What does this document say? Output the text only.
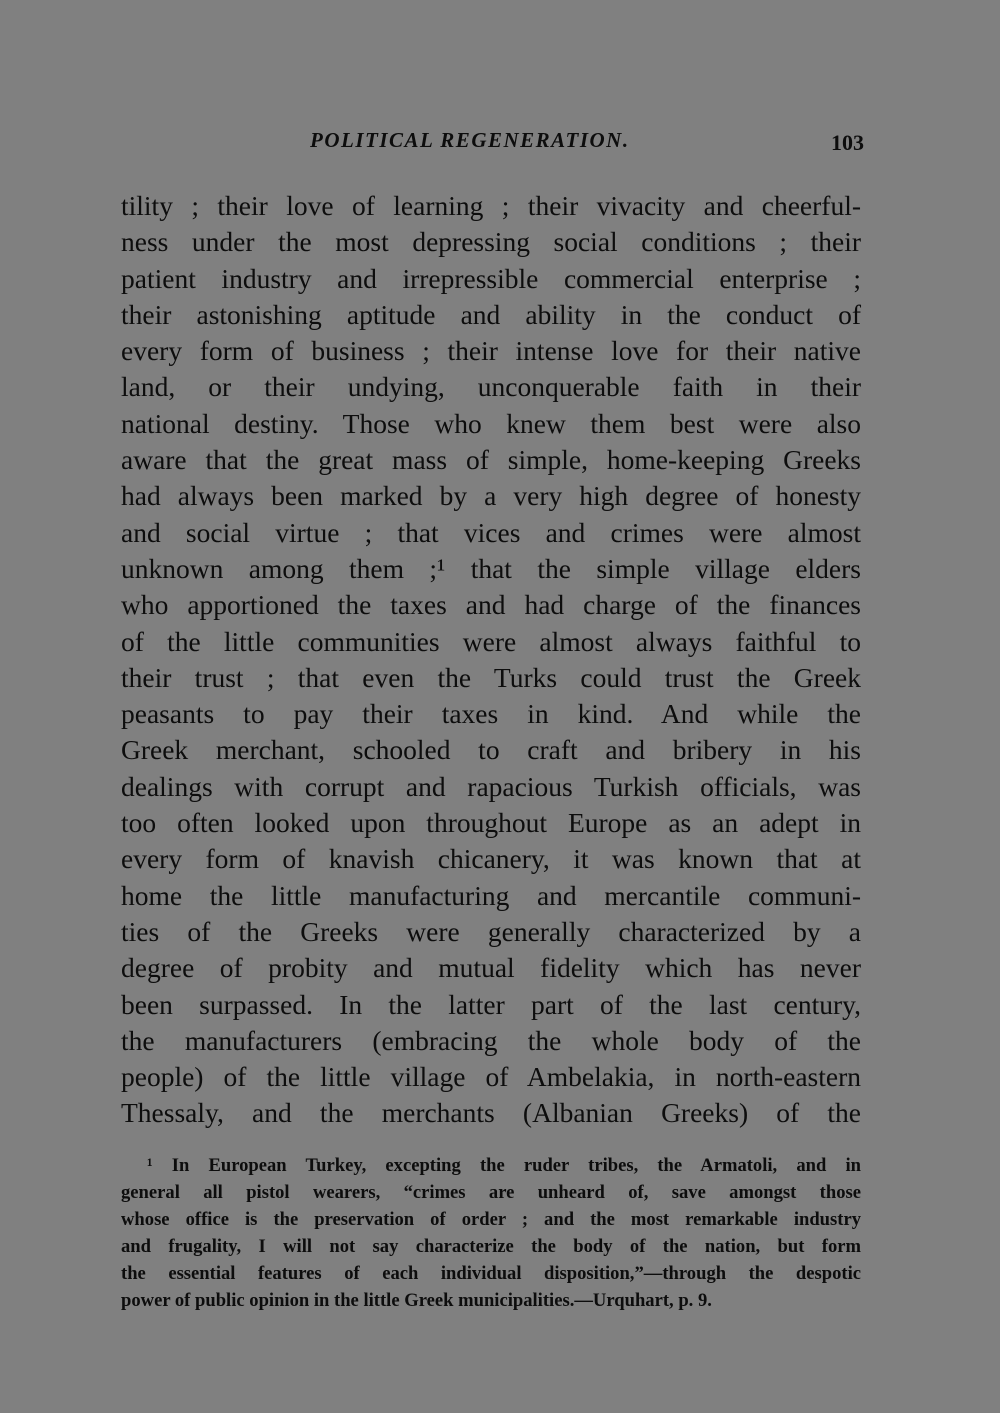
POLITICAL REGENERATION.	103
tility ; their love of learning ; their vivacity and cheerful-
ness under the most depressing social conditions ; their
patient industry and irrepressible commercial enterprise ;
their astonishing aptitude and ability in the conduct of
every form of business ; their intense love for their native
land, or their undying, unconquerable faith in their
national destiny. Those who knew them best were also
aware that the great mass of simple, home-keeping Greeks
had always been marked by a very high degree of honesty
and social virtue ; that vices and crimes were almost
unknown among them ;¹ that the simple village elders
who apportioned the taxes and had charge of the finances
of the little communities were almost always faithful to
their trust ; that even the Turks could trust the Greek
peasants to pay their taxes in kind. And while the
Greek merchant, schooled to craft and bribery in his
dealings with corrupt and rapacious Turkish officials, was
too often looked upon throughout Europe as an adept in
every form of knavish chicanery, it was known that at
home the little manufacturing and mercantile communi-
ties of the Greeks were generally characterized by a
degree of probity and mutual fidelity which has never
been surpassed. In the latter part of the last century,
the manufacturers (embracing the whole body of the
people) of the little village of Ambelakia, in north-eastern
Thessaly, and the merchants (Albanian Greeks) of the
¹ In European Turkey, excepting the ruder tribes, the Armatoli, and in
general all pistol wearers, “crimes are unheard of, save amongst those
whose office is the preservation of order ; and the most remarkable industry
and frugality, I will not say characterize the body of the nation, but form
the essential features of each individual disposition,”—through the despotic
power of public opinion in the little Greek municipalities.—Urquhart, p. 9.
